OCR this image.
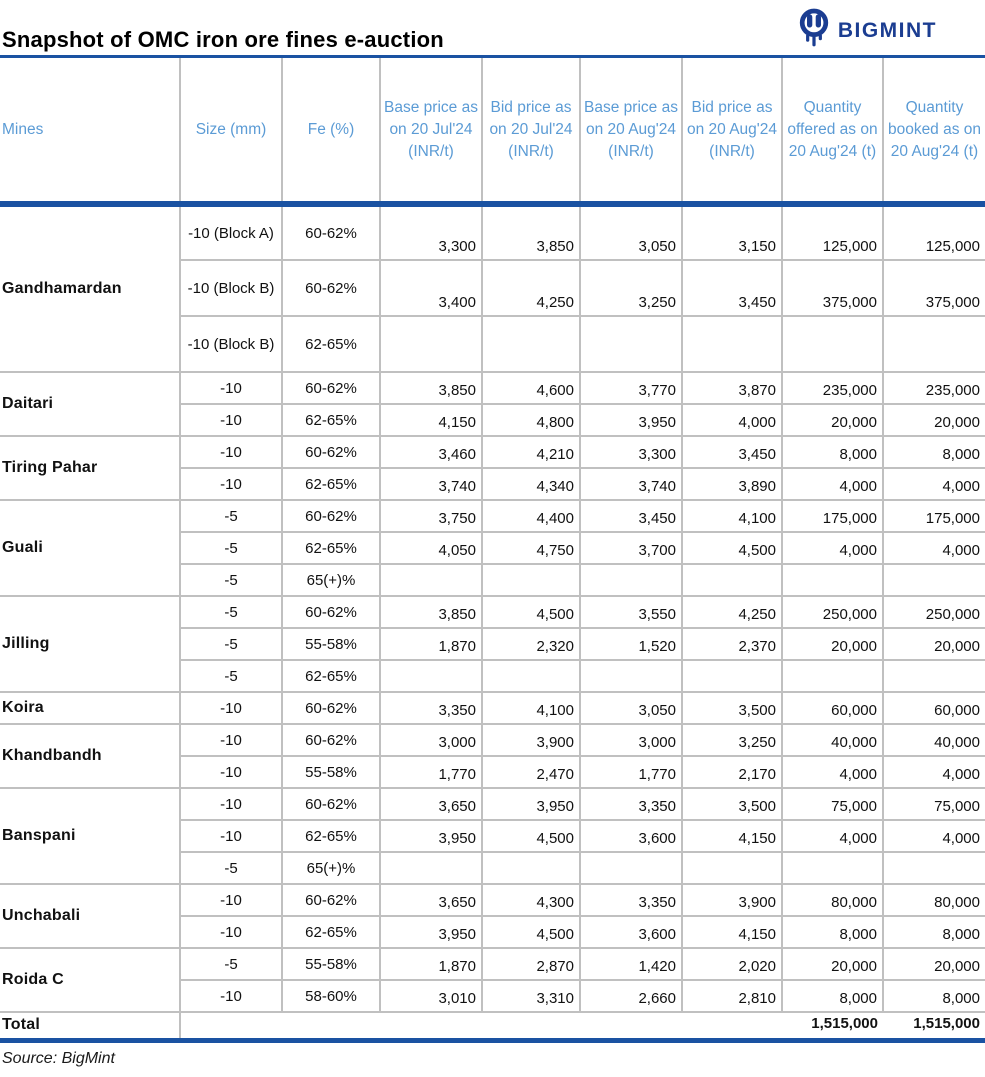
Snapshot of OMC iron ore fines e-auction	BIGMINT
Mines	Size (mm)	Fe (%)	Base price as on 20 Jul'24 (INR/t)	Bid price as on 20 Jul'24 (INR/t)	Base price as on 20 Aug'24 (INR/t)	Bid price as on 20 Aug'24 (INR/t)	Quantity offered as on 20 Aug'24 (t)	Quantity booked as on 20 Aug'24 (t)
Gandhamardan	-10 (Block A)	60-62%	3,300	3,850	3,050	3,150	125,000	125,000
	-10 (Block B)	60-62%	3,400	4,250	3,250	3,450	375,000	375,000
	-10 (Block B)	62-65%						
Daitari	-10	60-62%	3,850	4,600	3,770	3,870	235,000	235,000
	-10	62-65%	4,150	4,800	3,950	4,000	20,000	20,000
Tiring Pahar	-10	60-62%	3,460	4,210	3,300	3,450	8,000	8,000
	-10	62-65%	3,740	4,340	3,740	3,890	4,000	4,000
Guali	-5	60-62%	3,750	4,400	3,450	4,100	175,000	175,000
	-5	62-65%	4,050	4,750	3,700	4,500	4,000	4,000
	-5	65(+)%						
Jilling	-5	60-62%	3,850	4,500	3,550	4,250	250,000	250,000
	-5	55-58%	1,870	2,320	1,520	2,370	20,000	20,000
	-5	62-65%						
Koira	-10	60-62%	3,350	4,100	3,050	3,500	60,000	60,000
Khandbandh	-10	60-62%	3,000	3,900	3,000	3,250	40,000	40,000
	-10	55-58%	1,770	2,470	1,770	2,170	4,000	4,000
Banspani	-10	60-62%	3,650	3,950	3,350	3,500	75,000	75,000
	-10	62-65%	3,950	4,500	3,600	4,150	4,000	4,000
	-5	65(+)%						
Unchabali	-10	60-62%	3,650	4,300	3,350	3,900	80,000	80,000
	-10	62-65%	3,950	4,500	3,600	4,150	8,000	8,000
Roida C	-5	55-58%	1,870	2,870	1,420	2,020	20,000	20,000
	-10	58-60%	3,010	3,310	2,660	2,810	8,000	8,000
Total							1,515,000	1,515,000
Source: BigMint
